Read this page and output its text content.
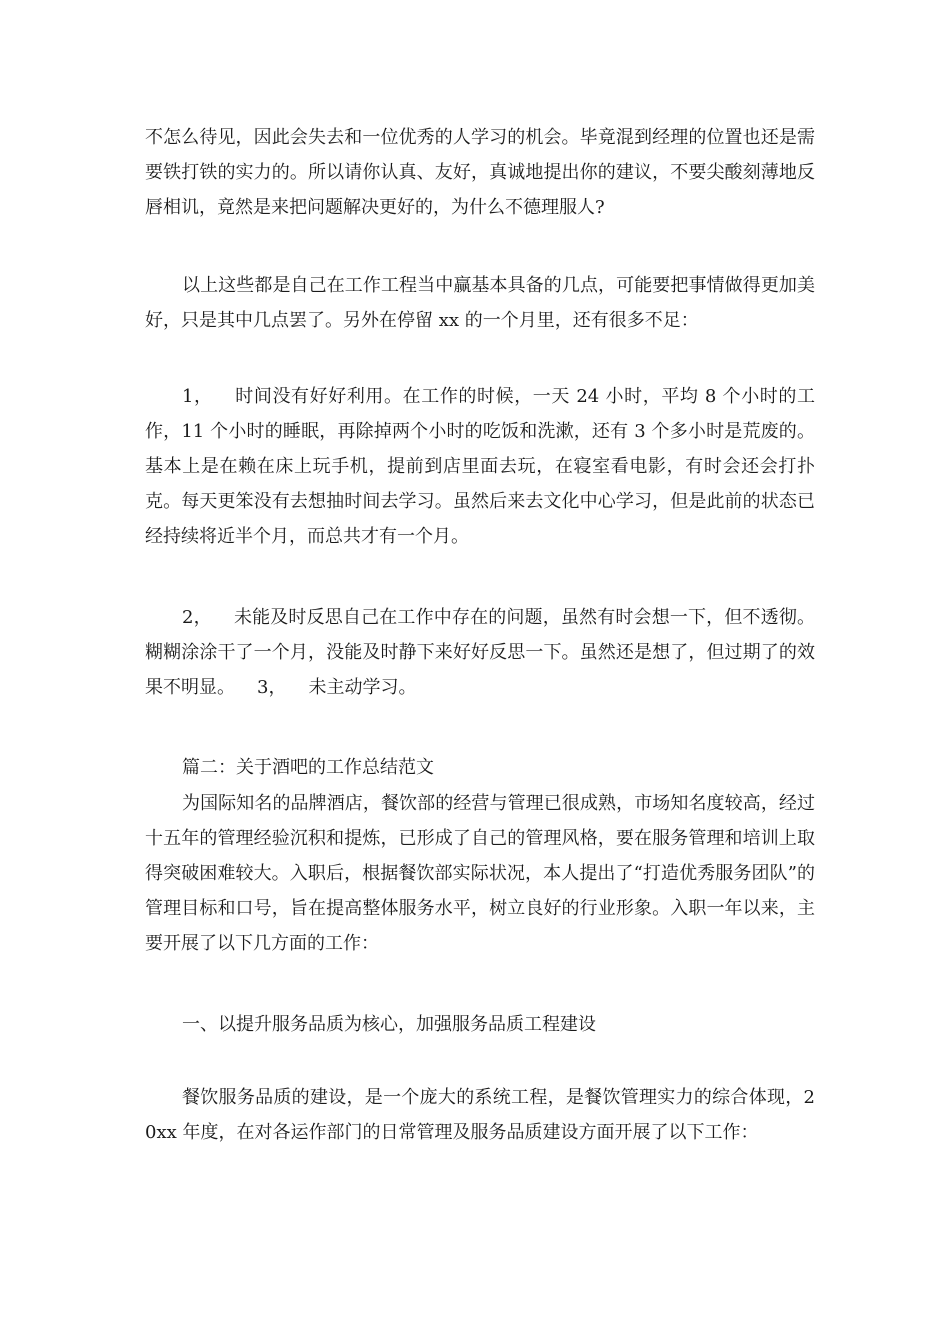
不怎么待见，因此会失去和一位优秀的人学习的机会。毕竟混到经理的位置也还是需要铁打铁的实力的。所以请你认真、友好，真诚地提出你的建议，不要尖酸刻薄地反唇相讥，竟然是来把问题解决更好的，为什么不德理服人?

以上这些都是自己在工作工程当中赢基本具备的几点，可能要把事情做得更加美好，只是其中几点罢了。另外在停留 xx 的一个月里，还有很多不足：

1， 时间没有好好利用。在工作的时候，一天 24 小时，平均 8 个小时的工作，11 个小时的睡眠，再除掉两个小时的吃饭和洗漱，还有 3 个多小时是荒废的。基本上是在赖在床上玩手机，提前到店里面去玩，在寝室看电影，有时会还会打扑克。每天更笨没有去想抽时间去学习。虽然后来去文化中心学习，但是此前的状态已经持续将近半个月，而总共才有一个月。

2， 未能及时反思自己在工作中存在的问题，虽然有时会想一下，但不透彻。糊糊涂涂干了一个月，没能及时静下来好好反思一下。虽然还是想了，但过期了的效果不明显。 3， 未主动学习。

篇二：关于酒吧的工作总结范文

为国际知名的品牌酒店，餐饮部的经营与管理已很成熟，市场知名度较高，经过十五年的管理经验沉积和提炼，已形成了自己的管理风格，要在服务管理和培训上取得突破困难较大。入职后，根据餐饮部实际状况，本人提出了“打造优秀服务团队”的管理目标和口号，旨在提高整体服务水平，树立良好的行业形象。入职一年以来，主要开展了以下几方面的工作：

一、以提升服务品质为核心，加强服务品质工程建设

餐饮服务品质的建设，是一个庞大的系统工程，是餐饮管理实力的综合体现，20xx 年度，在对各运作部门的日常管理及服务品质建设方面开展了以下工作：
